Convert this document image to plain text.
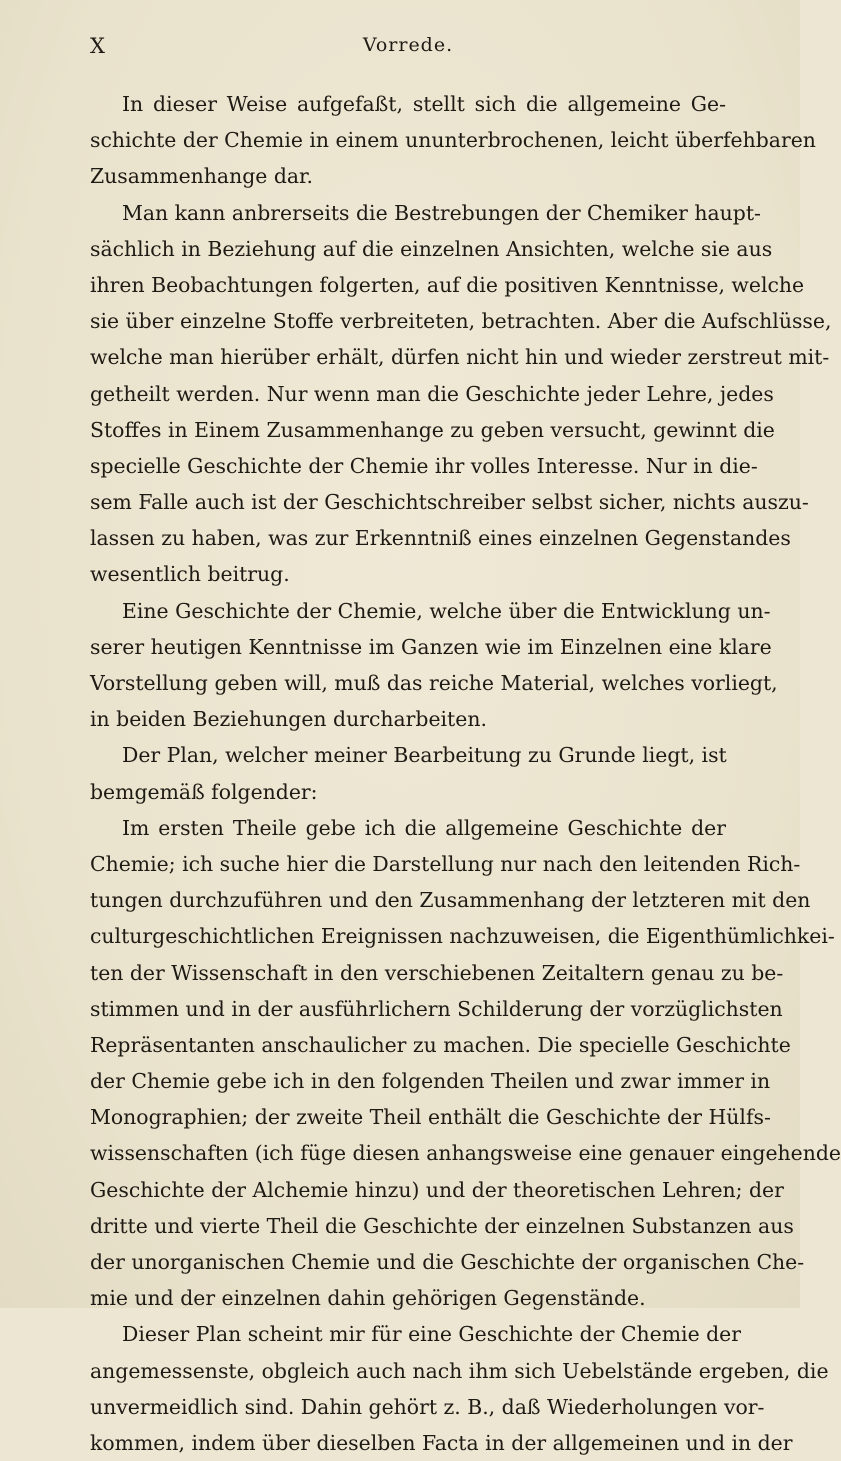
X	Vorrede.
In dieser Weise aufgefaßt, stellt sich die allgemeine Ge-
schichte der Chemie in einem ununterbrochenen, leicht überfehbaren
Zusammenhange dar.
Man kann anbrerseits die Bestrebungen der Chemiker haupt-
sächlich in Beziehung auf die einzelnen Ansichten, welche sie aus
ihren Beobachtungen folgerten, auf die positiven Kenntnisse, welche
sie über einzelne Stoffe verbreiteten, betrachten. Aber die Aufschlüsse,
welche man hierüber erhält, dürfen nicht hin und wieder zerstreut mit-
getheilt werden. Nur wenn man die Geschichte jeder Lehre, jedes
Stoffes in Einem Zusammenhange zu geben versucht, gewinnt die
specielle Geschichte der Chemie ihr volles Interesse. Nur in die-
sem Falle auch ist der Geschichtschreiber selbst sicher, nichts auszu-
lassen zu haben, was zur Erkenntniß eines einzelnen Gegenstandes
wesentlich beitrug.
Eine Geschichte der Chemie, welche über die Entwicklung un-
serer heutigen Kenntnisse im Ganzen wie im Einzelnen eine klare
Vorstellung geben will, muß das reiche Material, welches vorliegt,
in beiden Beziehungen durcharbeiten.
Der Plan, welcher meiner Bearbeitung zu Grunde liegt, ist
bemgemäß folgender:
Im ersten Theile gebe ich die allgemeine Geschichte der
Chemie; ich suche hier die Darstellung nur nach den leitenden Rich-
tungen durchzuführen und den Zusammenhang der letzteren mit den
culturgeschichtlichen Ereignissen nachzuweisen, die Eigenthümlichkei-
ten der Wissenschaft in den verschiebenen Zeitaltern genau zu be-
stimmen und in der ausführlichern Schilderung der vorzüglichsten
Repräsentanten anschaulicher zu machen. Die specielle Geschichte
der Chemie gebe ich in den folgenden Theilen und zwar immer in
Monographien; der zweite Theil enthält die Geschichte der Hülfs-
wissenschaften (ich füge diesen anhangsweise eine genauer eingehende
Geschichte der Alchemie hinzu) und der theoretischen Lehren; der
dritte und vierte Theil die Geschichte der einzelnen Substanzen aus
der unorganischen Chemie und die Geschichte der organischen Che-
mie und der einzelnen dahin gehörigen Gegenstände.
Dieser Plan scheint mir für eine Geschichte der Chemie der
angemessenste, obgleich auch nach ihm sich Uebelstände ergeben, die
unvermeidlich sind. Dahin gehört z. B., daß Wiederholungen vor-
kommen, indem über dieselben Facta in der allgemeinen und in der
